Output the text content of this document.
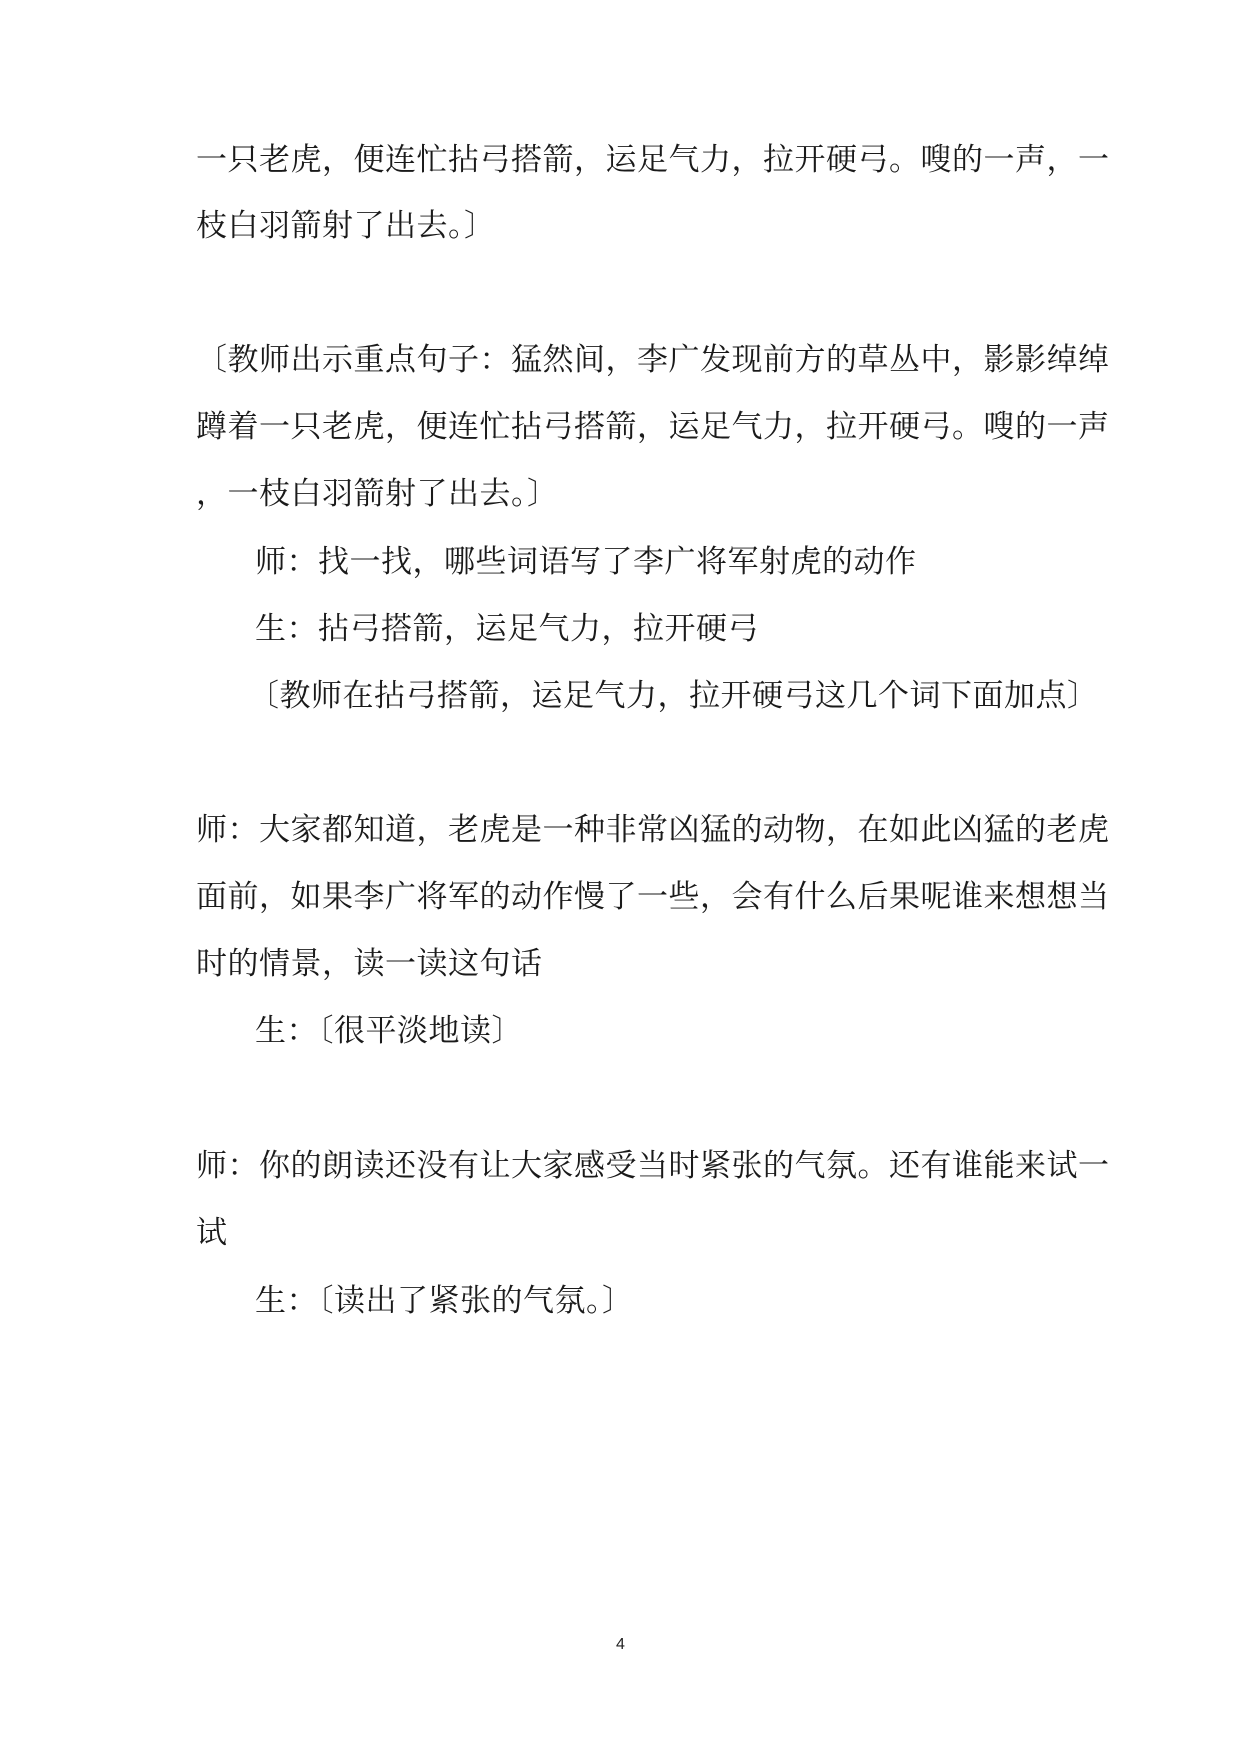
一只老虎，便连忙拈弓搭箭，运足气力，拉开硬弓。嗖的一声，一
枝白羽箭射了出去。〕
〔教师出示重点句子：猛然间，李广发现前方的草丛中，影影绰绰
蹲着一只老虎，便连忙拈弓搭箭，运足气力，拉开硬弓。嗖的一声
，一枝白羽箭射了出去。〕
师：找一找，哪些词语写了李广将军射虎的动作
生：拈弓搭箭，运足气力，拉开硬弓
〔教师在拈弓搭箭，运足气力，拉开硬弓这几个词下面加点〕
师：大家都知道，老虎是一种非常凶猛的动物，在如此凶猛的老虎
面前，如果李广将军的动作慢了一些，会有什么后果呢谁来想想当
时的情景，读一读这句话
生：〔很平淡地读〕
师：你的朗读还没有让大家感受当时紧张的气氛。还有谁能来试一
试
生：〔读出了紧张的气氛。〕
4
